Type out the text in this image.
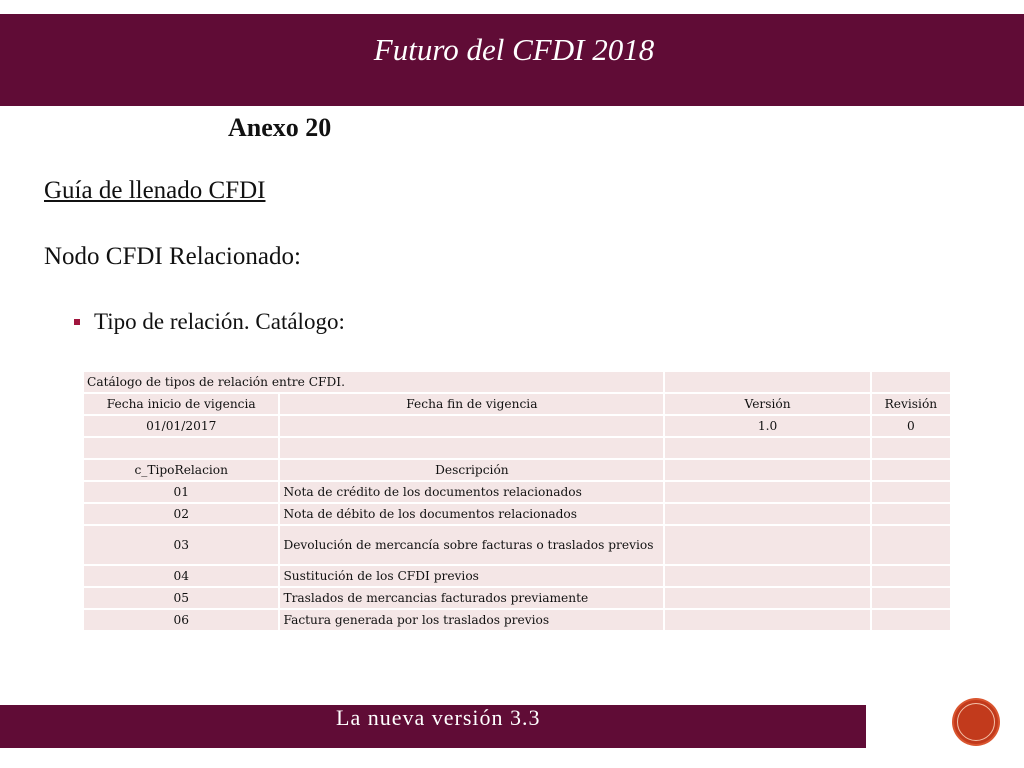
Futuro del CFDI 2018
Anexo 20
Guía de llenado CFDI
Nodo CFDI Relacionado:
Tipo de relación. Catálogo:
Catálogo de tipos de relación entre CFDI.			
Fecha inicio de vigencia	Fecha fin de vigencia	Versión	Revisión
01/01/2017		1.0	0

c_TipoRelacion	Descripción		
01	Nota de crédito de los documentos relacionados		
02	Nota de débito de los documentos relacionados		
03	Devolución de mercancía sobre facturas o traslados previos		
04	Sustitución de los CFDI previos		
05	Traslados de mercancias facturados previamente		
06	Factura generada por los traslados previos		
La nueva versión 3.3
